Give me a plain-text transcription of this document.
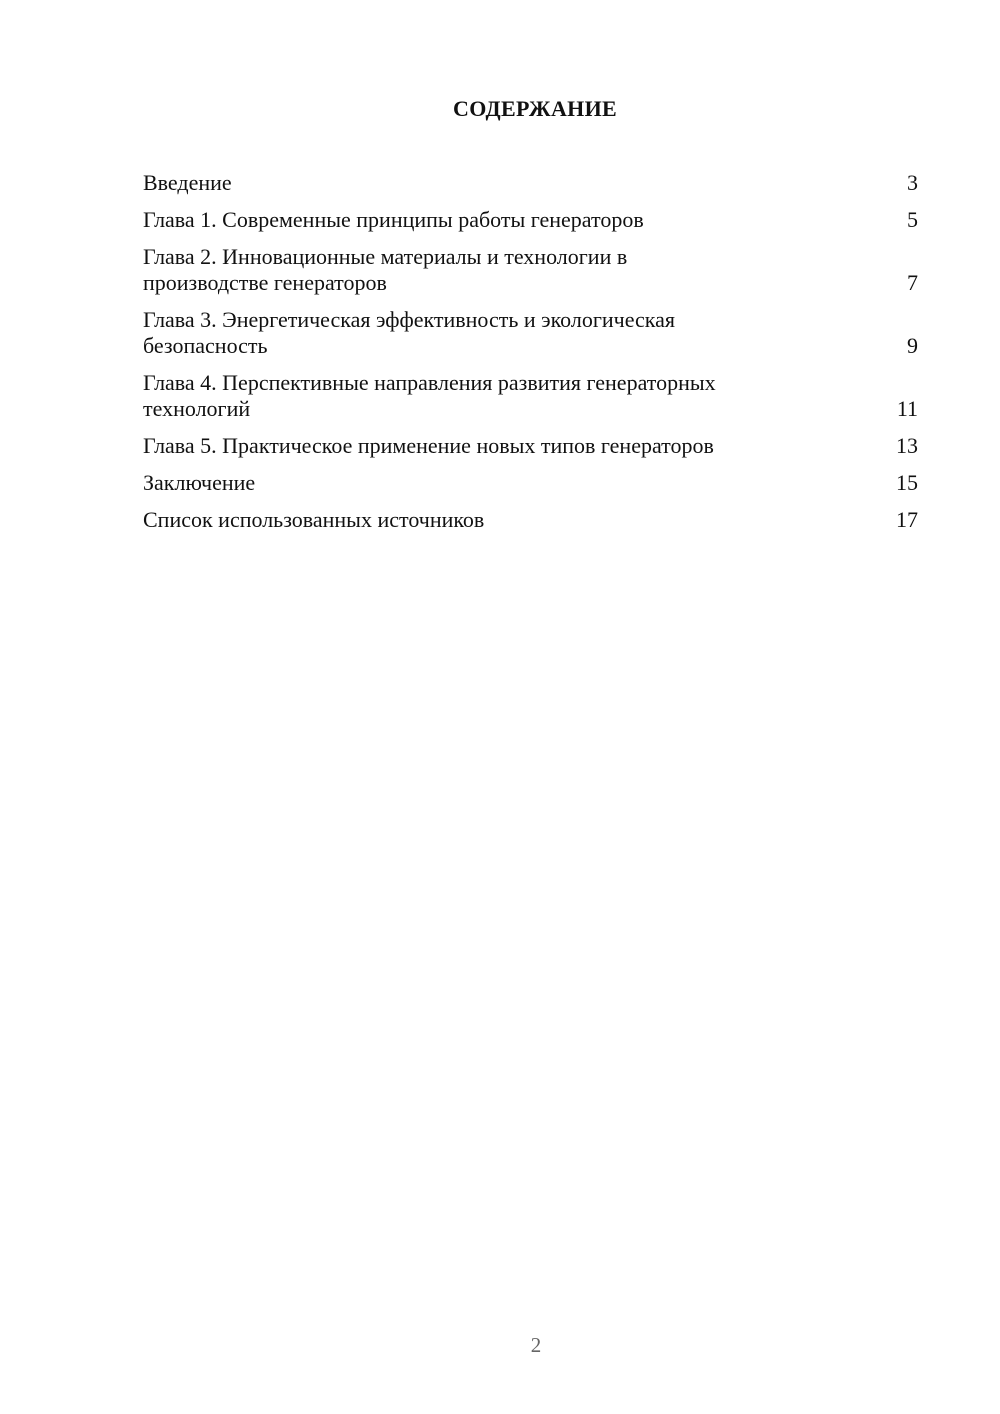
СОДЕРЖАНИЕ
Введение	3
Глава 1. Современные принципы работы генераторов	5
Глава 2. Инновационные материалы и технологии в
производстве генераторов	7
Глава 3. Энергетическая эффективность и экологическая
безопасность	9
Глава 4. Перспективные направления развития генераторных
технологий	11
Глава 5. Практическое применение новых типов генераторов	13
Заключение	15
Список использованных источников	17
2
